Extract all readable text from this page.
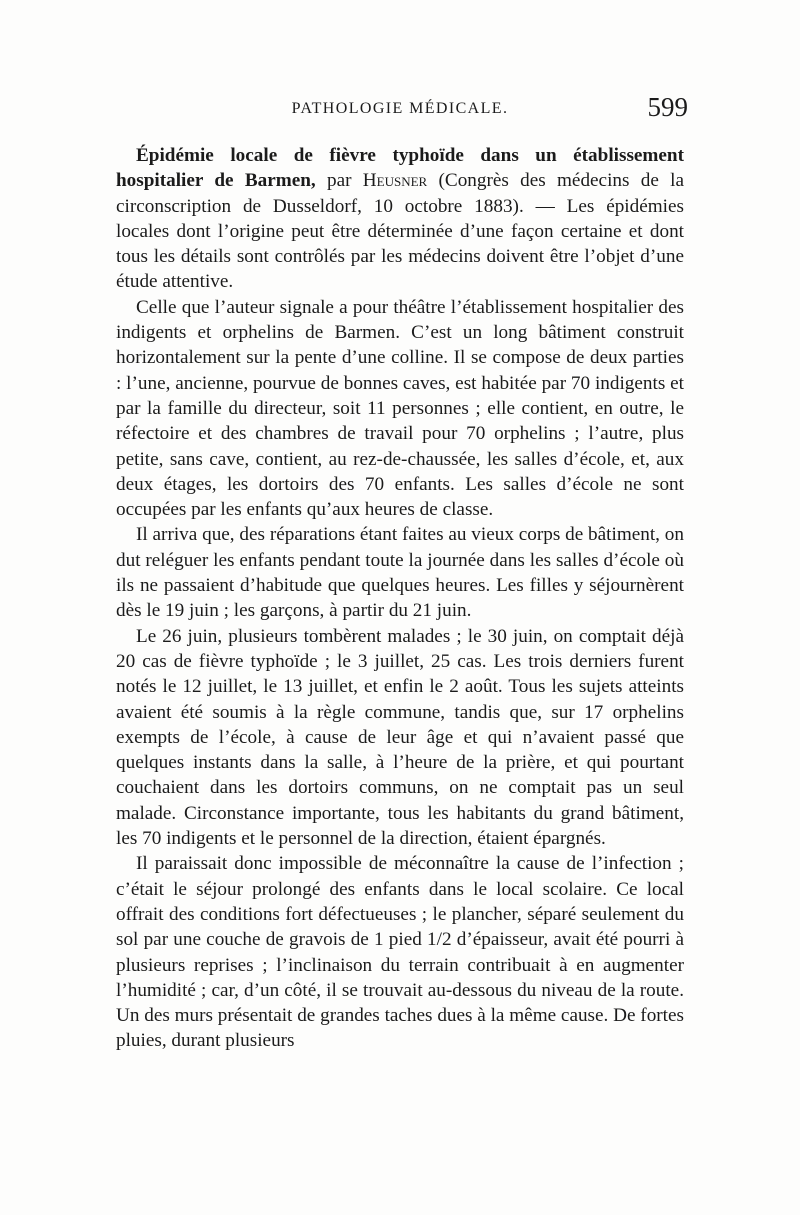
PATHOLOGIE MÉDICALE.	599

Épidémie locale de fièvre typhoïde dans un établissement hospitalier de Barmen, par Heusner (Congrès des médecins de la circonscription de Dusseldorf, 10 octobre 1883). — Les épidémies locales dont l’origine peut être déterminée d’une façon certaine et dont tous les détails sont contrôlés par les médecins doivent être l’objet d’une étude attentive.

Celle que l’auteur signale a pour théâtre l’établissement hospitalier des indigents et orphelins de Barmen. C’est un long bâtiment construit horizontalement sur la pente d’une colline. Il se compose de deux parties : l’une, ancienne, pourvue de bonnes caves, est habitée par 70 indigents et par la famille du directeur, soit 11 personnes ; elle contient, en outre, le réfectoire et des chambres de travail pour 70 orphelins ; l’autre, plus petite, sans cave, contient, au rez-de-chaussée, les salles d’école, et, aux deux étages, les dortoirs des 70 enfants. Les salles d’école ne sont occupées par les enfants qu’aux heures de classe.

Il arriva que, des réparations étant faites au vieux corps de bâtiment, on dut reléguer les enfants pendant toute la journée dans les salles d’école où ils ne passaient d’habitude que quelques heures. Les filles y séjournèrent dès le 19 juin ; les garçons, à partir du 21 juin.

Le 26 juin, plusieurs tombèrent malades ; le 30 juin, on comptait déjà 20 cas de fièvre typhoïde ; le 3 juillet, 25 cas. Les trois derniers furent notés le 12 juillet, le 13 juillet, et enfin le 2 août. Tous les sujets atteints avaient été soumis à la règle commune, tandis que, sur 17 orphelins exempts de l’école, à cause de leur âge et qui n’avaient passé que quelques instants dans la salle, à l’heure de la prière, et qui pourtant couchaient dans les dortoirs communs, on ne comptait pas un seul malade. Circonstance importante, tous les habitants du grand bâtiment, les 70 indigents et le personnel de la direction, étaient épargnés.

Il paraissait donc impossible de méconnaître la cause de l’infection ; c’était le séjour prolongé des enfants dans le local scolaire. Ce local offrait des conditions fort défectueuses ; le plancher, séparé seulement du sol par une couche de gravois de 1 pied 1/2 d’épaisseur, avait été pourri à plusieurs reprises ; l’inclinaison du terrain contribuait à en augmenter l’humidité ; car, d’un côté, il se trouvait au-dessous du niveau de la route. Un des murs présentait de grandes taches dues à la même cause. De fortes pluies, durant plusieurs
